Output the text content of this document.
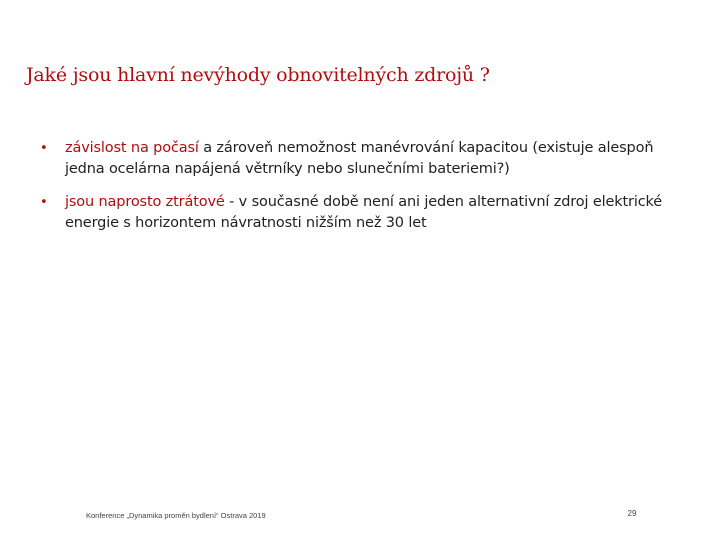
Jaké jsou hlavní nevýhody obnovitelných zdrojů ?
•	závislost na počasí a zároveň nemožnost manévrování kapacitou (existuje alespoň jedna ocelárna napájená větrníky nebo slunečními bateriemi?)
•	jsou naprosto ztrátové - v současné době není ani jeden alternativní zdroj elektrické energie s horizontem návratnosti nižším než 30 let
Konference „Dynamika proměn bydlení“ Ostrava 2019	29
